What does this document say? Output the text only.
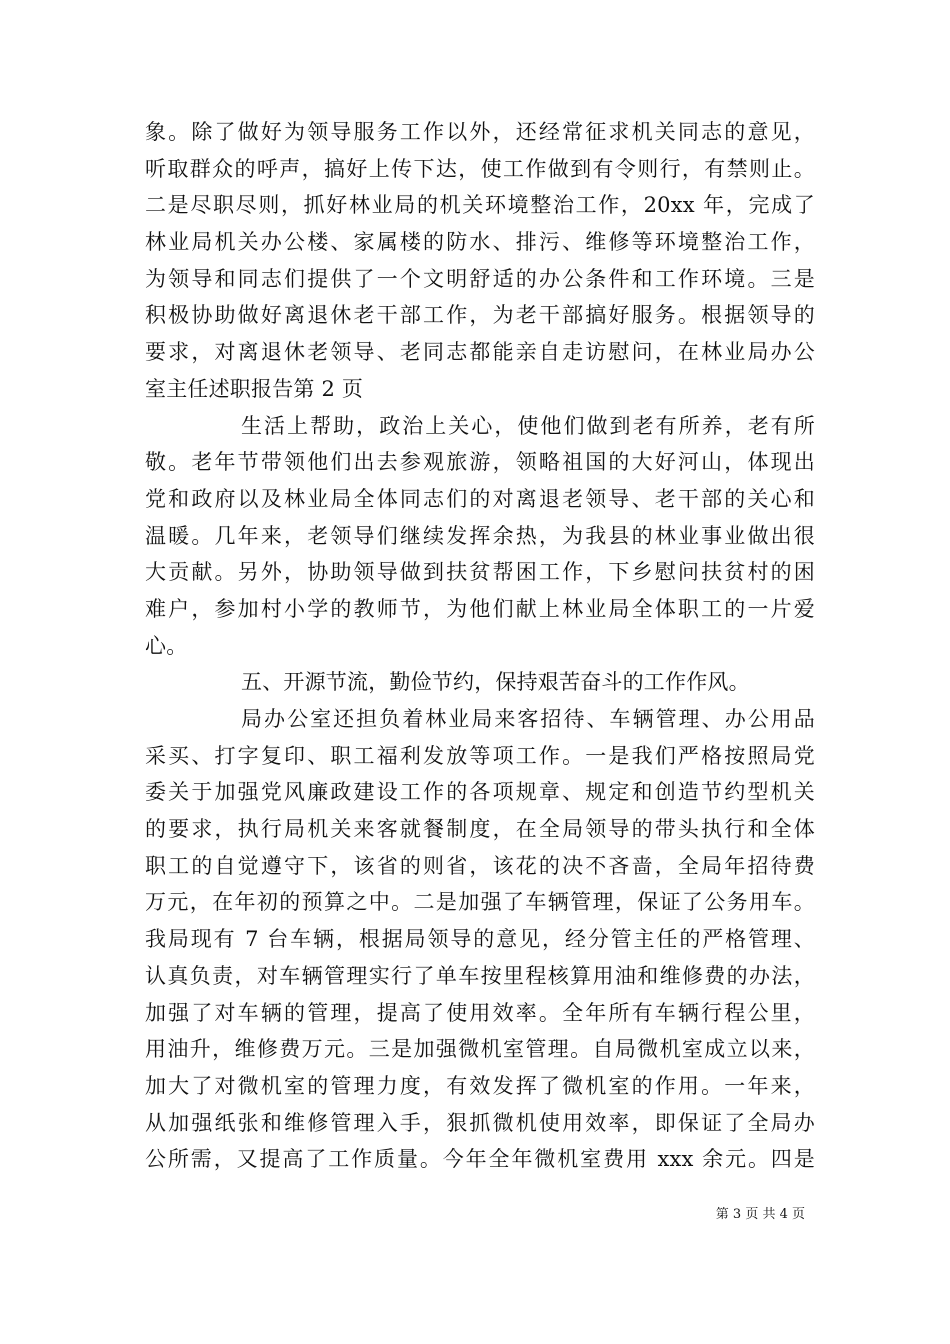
象。除了做好为领导服务工作以外，还经常征求机关同志的意见，
听取群众的呼声，搞好上传下达，使工作做到有令则行，有禁则止。
二是尽职尽则，抓好林业局的机关环境整治工作，20xx 年，完成了
林业局机关办公楼、家属楼的防水、排污、维修等环境整治工作，
为领导和同志们提供了一个文明舒适的办公条件和工作环境。三是
积极协助做好离退休老干部工作，为老干部搞好服务。根据领导的
要求，对离退休老领导、老同志都能亲自走访慰问，在林业局办公
室主任述职报告第 2 页
生活上帮助，政治上关心，使他们做到老有所养，老有所
敬。老年节带领他们出去参观旅游，领略祖国的大好河山，体现出
党和政府以及林业局全体同志们的对离退老领导、老干部的关心和
温暖。几年来，老领导们继续发挥余热，为我县的林业事业做出很
大贡献。另外，协助领导做到扶贫帮困工作，下乡慰问扶贫村的困
难户，参加村小学的教师节，为他们献上林业局全体职工的一片爱
心。
五、开源节流，勤俭节约，保持艰苦奋斗的工作作风。
局办公室还担负着林业局来客招待、车辆管理、办公用品
采买、打字复印、职工福利发放等项工作。一是我们严格按照局党
委关于加强党风廉政建设工作的各项规章、规定和创造节约型机关
的要求，执行局机关来客就餐制度，在全局领导的带头执行和全体
职工的自觉遵守下，该省的则省，该花的决不吝啬，全局年招待费
万元，在年初的预算之中。二是加强了车辆管理，保证了公务用车。
我局现有 7 台车辆，根据局领导的意见，经分管主任的严格管理、
认真负责，对车辆管理实行了单车按里程核算用油和维修费的办法，
加强了对车辆的管理，提高了使用效率。全年所有车辆行程公里，
用油升，维修费万元。三是加强微机室管理。自局微机室成立以来，
加大了对微机室的管理力度，有效发挥了微机室的作用。一年来，
从加强纸张和维修管理入手，狠抓微机使用效率，即保证了全局办
公所需，又提高了工作质量。今年全年微机室费用 xxx 余元。四是
第 3 页 共 4 页
